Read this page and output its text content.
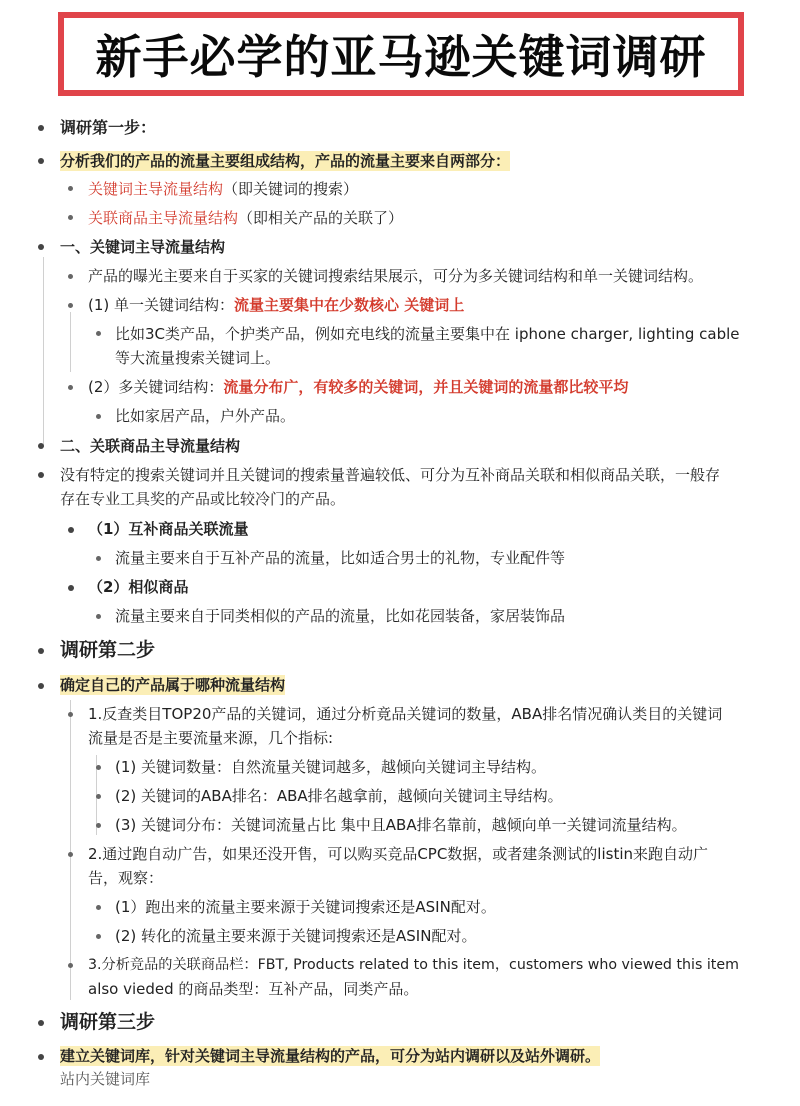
新手必学的亚马逊关键词调研
调研第一步：
分析我们的产品的流量主要组成结构，产品的流量主要来自两部分：
关键词主导流量结构（即关键词的搜索）
关联商品主导流量结构（即相关产品的关联了）
一、关键词主导流量结构
产品的曝光主要来自于买家的关键词搜索结果展示，可分为多关键词结构和单一关键词结构。
(1) 单一关键词结构：流量主要集中在少数核心 关键词上
比如3C类产品，个护类产品，例如充电线的流量主要集中在 iphone charger, lighting cable
等大流量搜索关键词上。
(2）多关键词结构：流量分布广，有较多的关键词，并且关键词的流量都比较平均
比如家居产品，户外产品。
二、关联商品主导流量结构
没有特定的搜索关键词并且关键词的搜索量普遍较低、可分为互补商品关联和相似商品关联，一般存
存在专业工具奖的产品或比较冷门的产品。
（1）互补商品关联流量
流量主要来自于互补产品的流量，比如适合男士的礼物，专业配件等
（2）相似商品
流量主要来自于同类相似的产品的流量，比如花园装备，家居装饰品
调研第二步
确定自己的产品属于哪种流量结构
1.反查类目TOP20产品的关键词，通过分析竟品关键词的数量，ABA排名情况确认类目的关键词
流量是否是主要流量来源，几个指标:
(1) 关键词数量：自然流量关键词越多，越倾向关键词主导结构。
(2) 关键词的ABA排名：ABA排名越拿前，越倾向关键词主导结构。
(3) 关键词分布：关键词流量占比 集中且ABA排名靠前，越倾向单一关键词流量结构。
2.通过跑自动广告，如果还没开售，可以购买竞品CPC数据，或者建条测试的listin来跑自动广
告，观察：
(1）跑出来的流量主要来源于关键词搜索还是ASIN配对。
(2) 转化的流量主要来源于关键词搜索还是ASIN配对。
3.分析竞品的关联商品栏：FBT, Products related to this item，customers who viewed this item
also vieded 的商品类型：互补产品，同类产品。
调研第三步
建立关键词库，针对关键词主导流量结构的产品，可分为站内调研以及站外调研。
站内关键词库
